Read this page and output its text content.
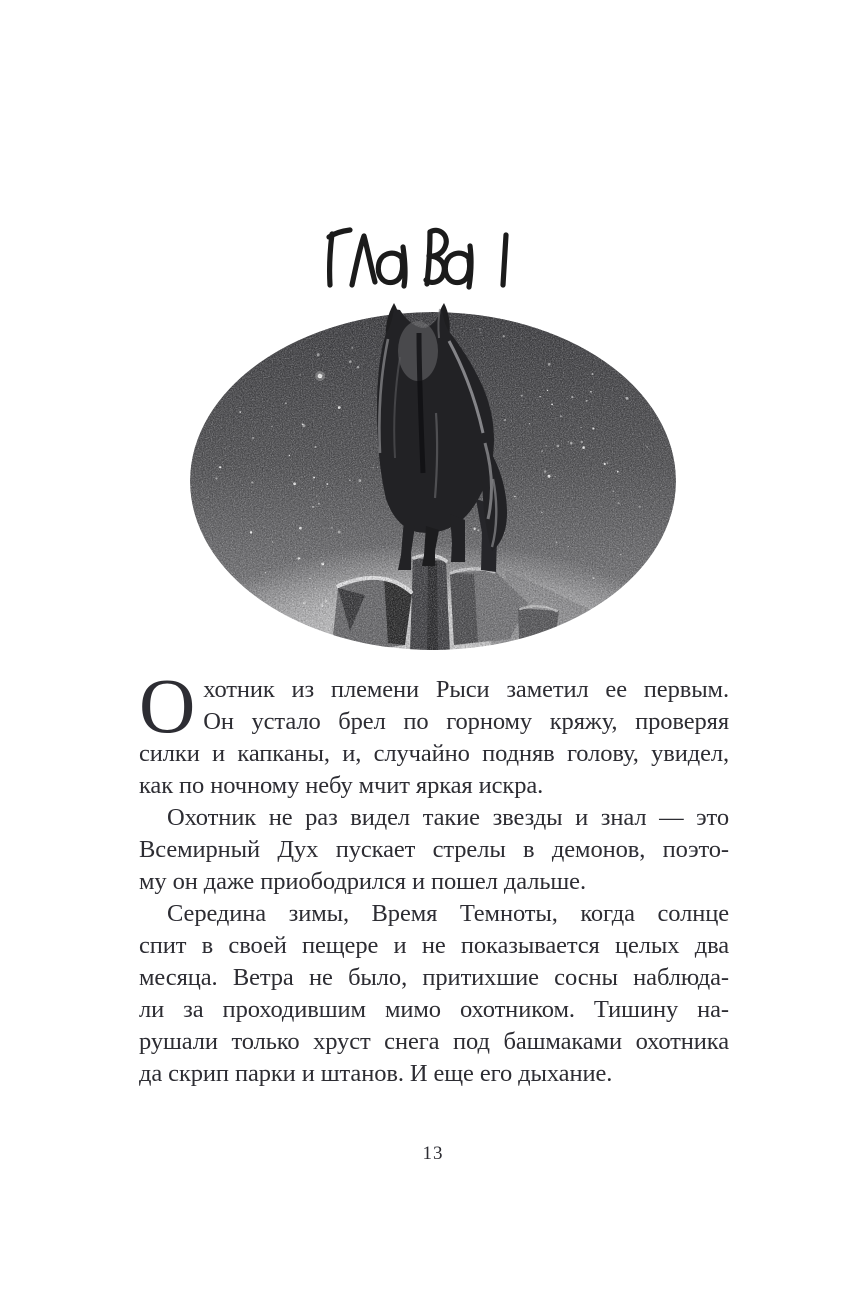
О хотник из племени Рыси заметил ее первым.
Он устало брел по горному кряжу, проверяя
силки и капканы, и, случайно подняв голову, увидел,
как по ночному небу мчит яркая искра.
Охотник не раз видел такие звезды и знал — это
Всемирный Дух пускает стрелы в демонов, поэто-
му он даже приободрился и пошел дальше.
Середина зимы, Время Темноты, когда солнце
спит в своей пещере и не показывается целых два
месяца. Ветра не было, притихшие сосны наблюда-
ли за проходившим мимо охотником. Тишину на-
рушали только хруст снега под башмаками охотника
да скрип парки и штанов. И еще его дыхание.
13
